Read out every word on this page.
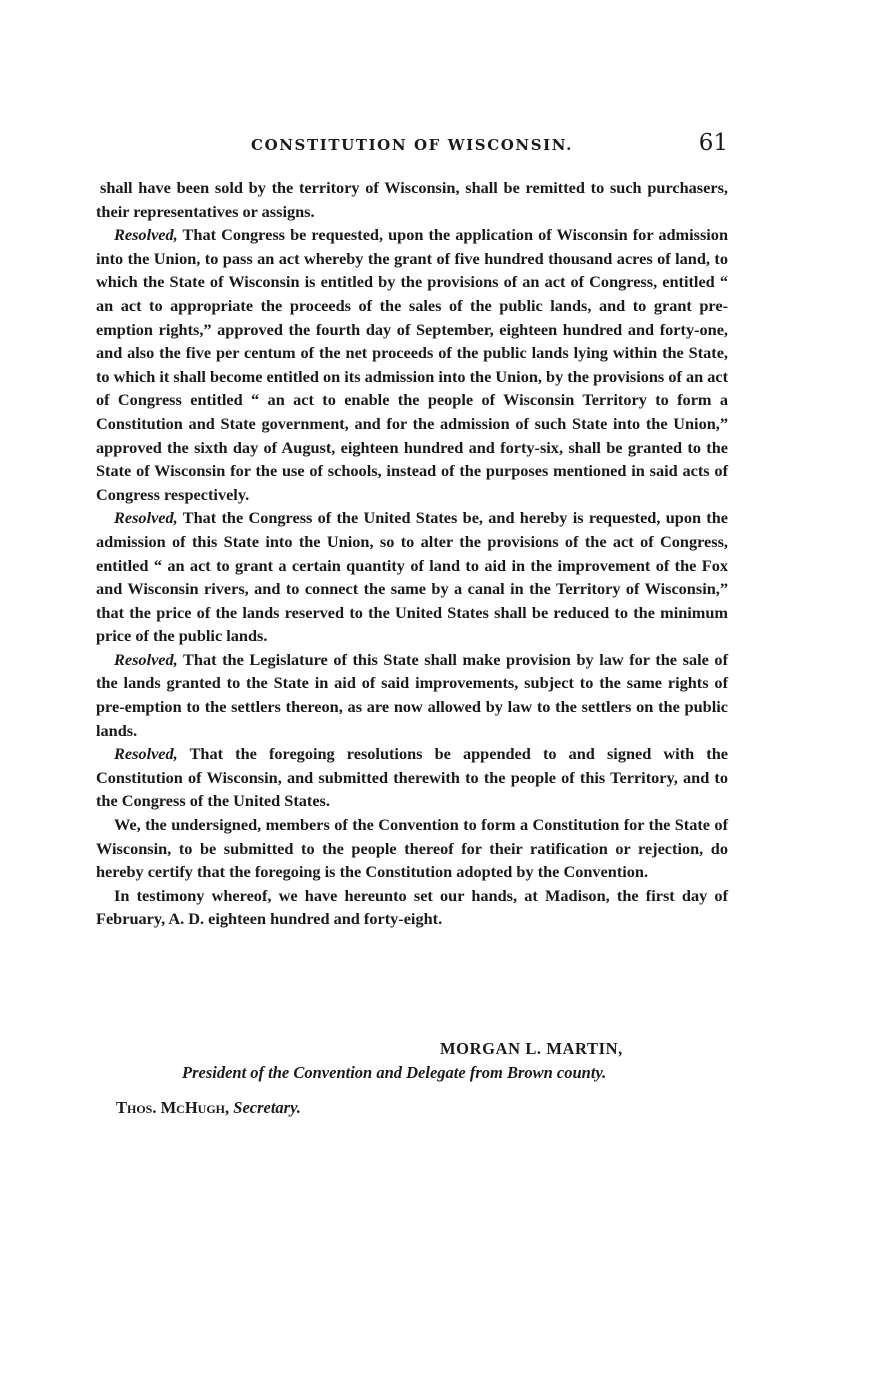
CONSTITUTION OF WISCONSIN.	61

shall have been sold by the territory of Wisconsin, shall be remitted to such purchasers, their representatives or assigns.

Resolved, That Congress be requested, upon the application of Wisconsin for admission into the Union, to pass an act whereby the grant of five hundred thousand acres of land, to which the State of Wisconsin is entitled by the provisions of an act of Congress, entitled “ an act to appropriate the proceeds of the sales of the public lands, and to grant pre-emption rights,” approved the fourth day of September, eighteen hundred and forty-one, and also the five per centum of the net proceeds of the public lands lying within the State, to which it shall become entitled on its admission into the Union, by the provisions of an act of Congress entitled “ an act to enable the people of Wisconsin Territory to form a Constitution and State government, and for the admission of such State into the Union,” approved the sixth day of August, eighteen hundred and forty-six, shall be granted to the State of Wisconsin for the use of schools, instead of the purposes mentioned in said acts of Congress respectively.

Resolved, That the Congress of the United States be, and hereby is requested, upon the admission of this State into the Union, so to alter the provisions of the act of Congress, entitled “ an act to grant a certain quantity of land to aid in the improvement of the Fox and Wisconsin rivers, and to connect the same by a canal in the Territory of Wisconsin,” that the price of the lands reserved to the United States shall be reduced to the minimum price of the public lands.

Resolved, That the Legislature of this State shall make provision by law for the sale of the lands granted to the State in aid of said improvements, subject to the same rights of pre-emption to the settlers thereon, as are now allowed by law to the settlers on the public lands.

Resolved, That the foregoing resolutions be appended to and signed with the Constitution of Wisconsin, and submitted therewith to the people of this Territory, and to the Congress of the United States.

We, the undersigned, members of the Convention to form a Constitution for the State of Wisconsin, to be submitted to the people thereof for their ratification or rejection, do hereby certify that the foregoing is the Constitution adopted by the Convention.

In testimony whereof, we have hereunto set our hands, at Madison, the first day of February, A. D. eighteen hundred and forty-eight.

MORGAN L. MARTIN,
President of the Convention and Delegate from Brown county.
Thos. McHugh, Secretary.
